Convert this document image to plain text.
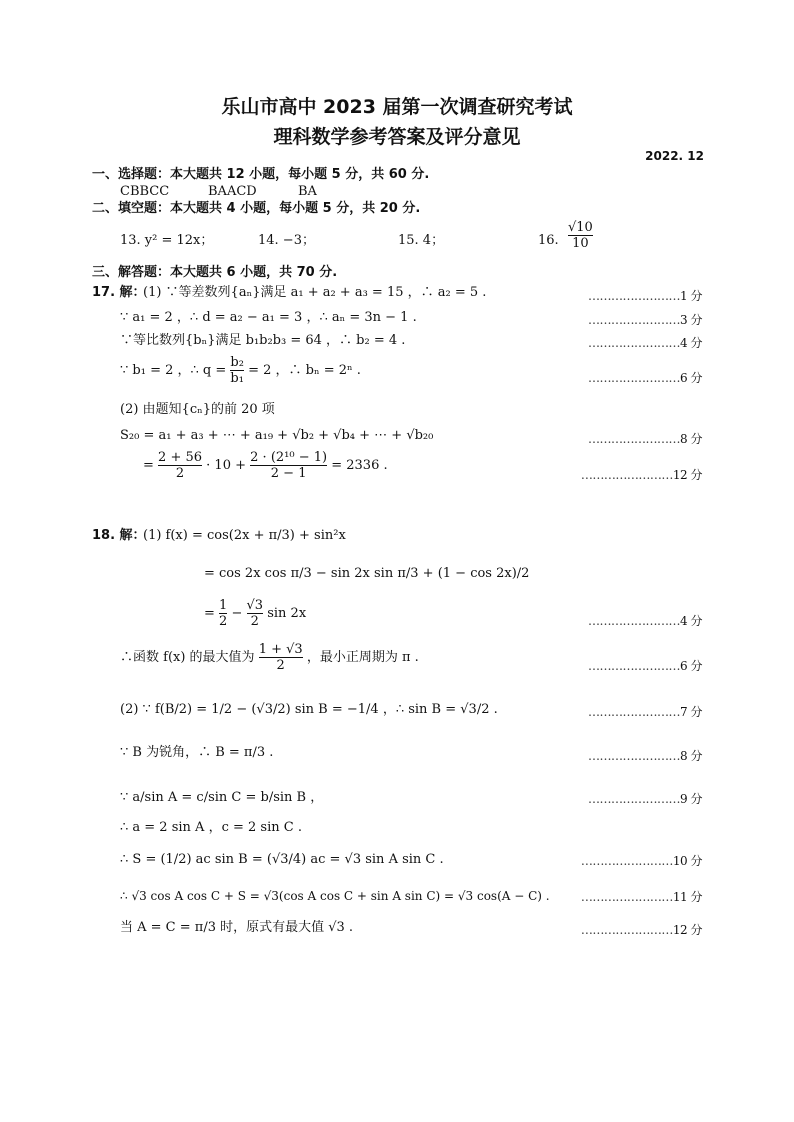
乐山市高中 2023 届第一次调查研究考试
理科数学参考答案及评分意见
2022. 12
一、选择题：本大题共 12 小题，每小题 5 分，共 60 分.
CBBCC	BAACD	BA
二、填空题：本大题共 4 小题，每小题 5 分，共 20 分.
13. y² = 12x；	14. −3；	15. 4；	16. $\frac{√10}{10}$
三、解答题：本大题共 6 小题，共 70 分.
17. 解：
(1) ∵等差数列{aₙ}满足 a₁ + a₂ + a₃ = 15 ，∴ a₂ = 5 .	……………………1 分
∵ a₁ = 2 ，∴ d = a₂ − a₁ = 3 ，∴ aₙ = 3n − 1 .	……………………3 分
∵等比数列{bₙ}满足 b₁b₂b₃ = 64 ，∴ b₂ = 4 .	……………………4 分
∵ b₁ = 2 ，∴ $q = \frac{\text{b₂}}{\text{b₁}} = 2$ ，∴ bₙ = 2ⁿ .	……………………6 分
(2) 由题知{cₙ}的前 20 项
S₂₀ = a₁ + a₃ + ⋯ + a₁₉ + √b₂ + √b₄ + ⋯ + √b₂₀	……………………8 分
= $\frac{2 + 56}{2} \cdot 10 + \frac{\text{2 · (2¹⁰ − 1)}}{2 - 1} = 2336$ .
……………………12 分
18. 解：
(1) f(x) = cos(2x + π/3) + sin²x
= cos 2x cos π/3 − sin 2x sin π/3 + (1 − cos 2x)/2
= $\frac{1}{2} - \frac{√3}{2}$ sin 2x	……………………4 分
∴函数 f(x) 的最大值为 $\frac{1 + √3}{2}$ ，最小正周期为 π .
……………………6 分
(2) ∵ f(B/2) = 1/2 − (√3/2) sin B = −1/4 ，∴ sin B = √3/2 .	……………………7 分
∵ B 为锐角，∴ B = π/3 .	……………………8 分
∵ a/sin A = c/sin C = b/sin B ，	……………………9 分
∴ a = 2 sin A ，c = 2 sin C .
∴ S = (1/2) ac sin B = (√3/4) ac = √3 sin A sin C .	……………………10 分
∴ √3 cos A cos C + S = √3(cos A cos C + sin A sin C) = √3 cos(A − C) .	……………………11 分
当 A = C = π/3 时，原式有最大值 √3 .	……………………12 分
